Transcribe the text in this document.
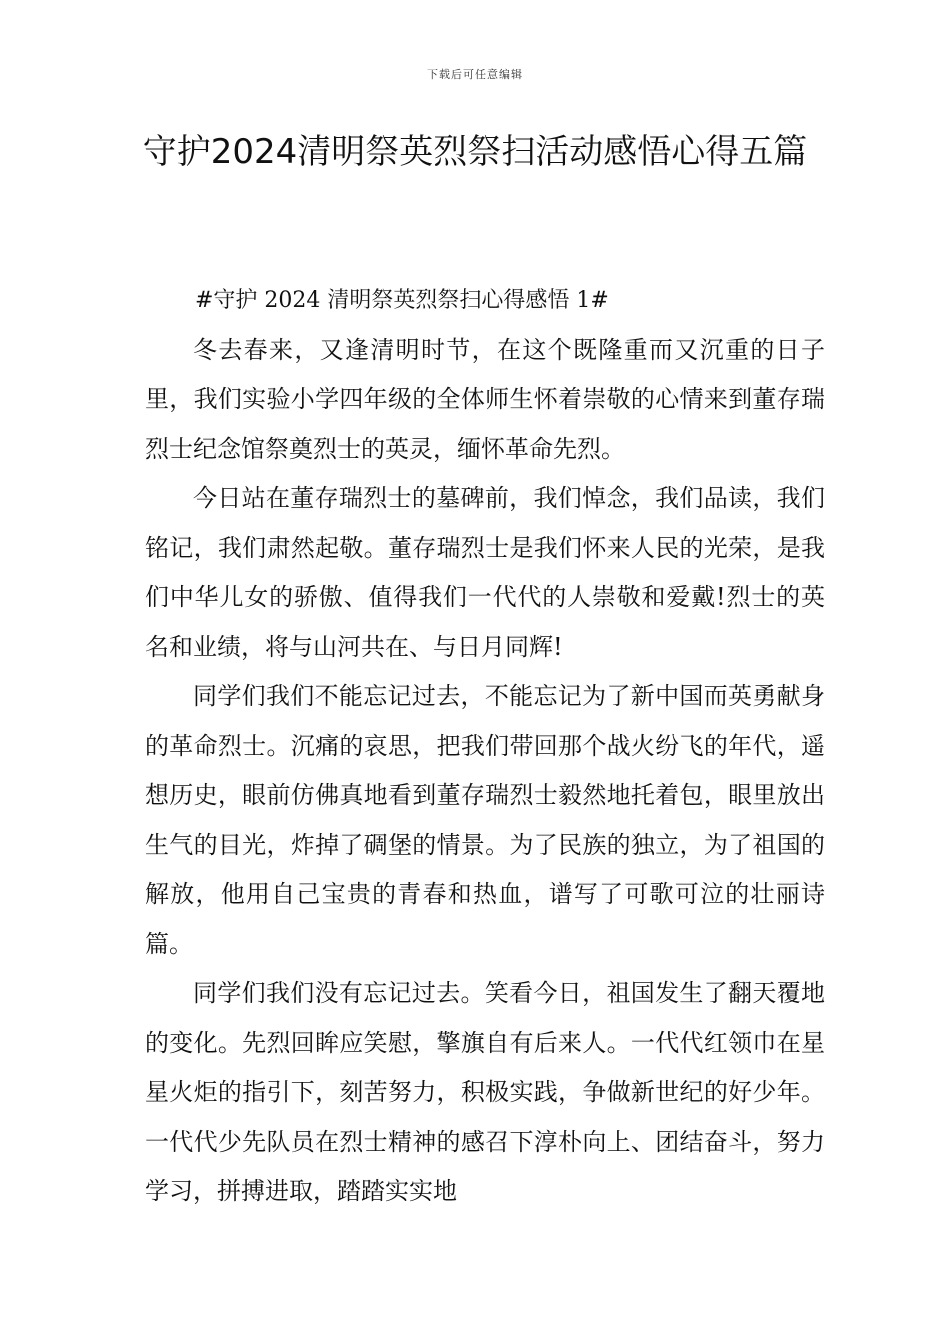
下载后可任意编辑
守护2024清明祭英烈祭扫活动感悟心得五篇

#守护 2024 清明祭英烈祭扫心得感悟 1#

冬去春来，又逢清明时节，在这个既隆重而又沉重的日子里，我们实验小学四年级的全体师生怀着崇敬的心情来到董存瑞烈士纪念馆祭奠烈士的英灵，缅怀革命先烈。

今日站在董存瑞烈士的墓碑前，我们悼念，我们品读，我们铭记，我们肃然起敬。董存瑞烈士是我们怀来人民的光荣，是我们中华儿女的骄傲、值得我们一代代的人崇敬和爱戴!烈士的英名和业绩，将与山河共在、与日月同辉!

同学们我们不能忘记过去，不能忘记为了新中国而英勇献身的革命烈士。沉痛的哀思，把我们带回那个战火纷飞的年代，遥想历史，眼前仿佛真地看到董存瑞烈士毅然地托着包，眼里放出生气的目光，炸掉了碉堡的情景。为了民族的独立，为了祖国的解放，他用自己宝贵的青春和热血，谱写了可歌可泣的壮丽诗篇。

同学们我们没有忘记过去。笑看今日，祖国发生了翻天覆地的变化。先烈回眸应笑慰，擎旗自有后来人。一代代红领巾在星星火炬的指引下，刻苦努力，积极实践，争做新世纪的好少年。一代代少先队员在烈士精神的感召下淳朴向上、团结奋斗，努力学习，拼搏进取，踏踏实实地
